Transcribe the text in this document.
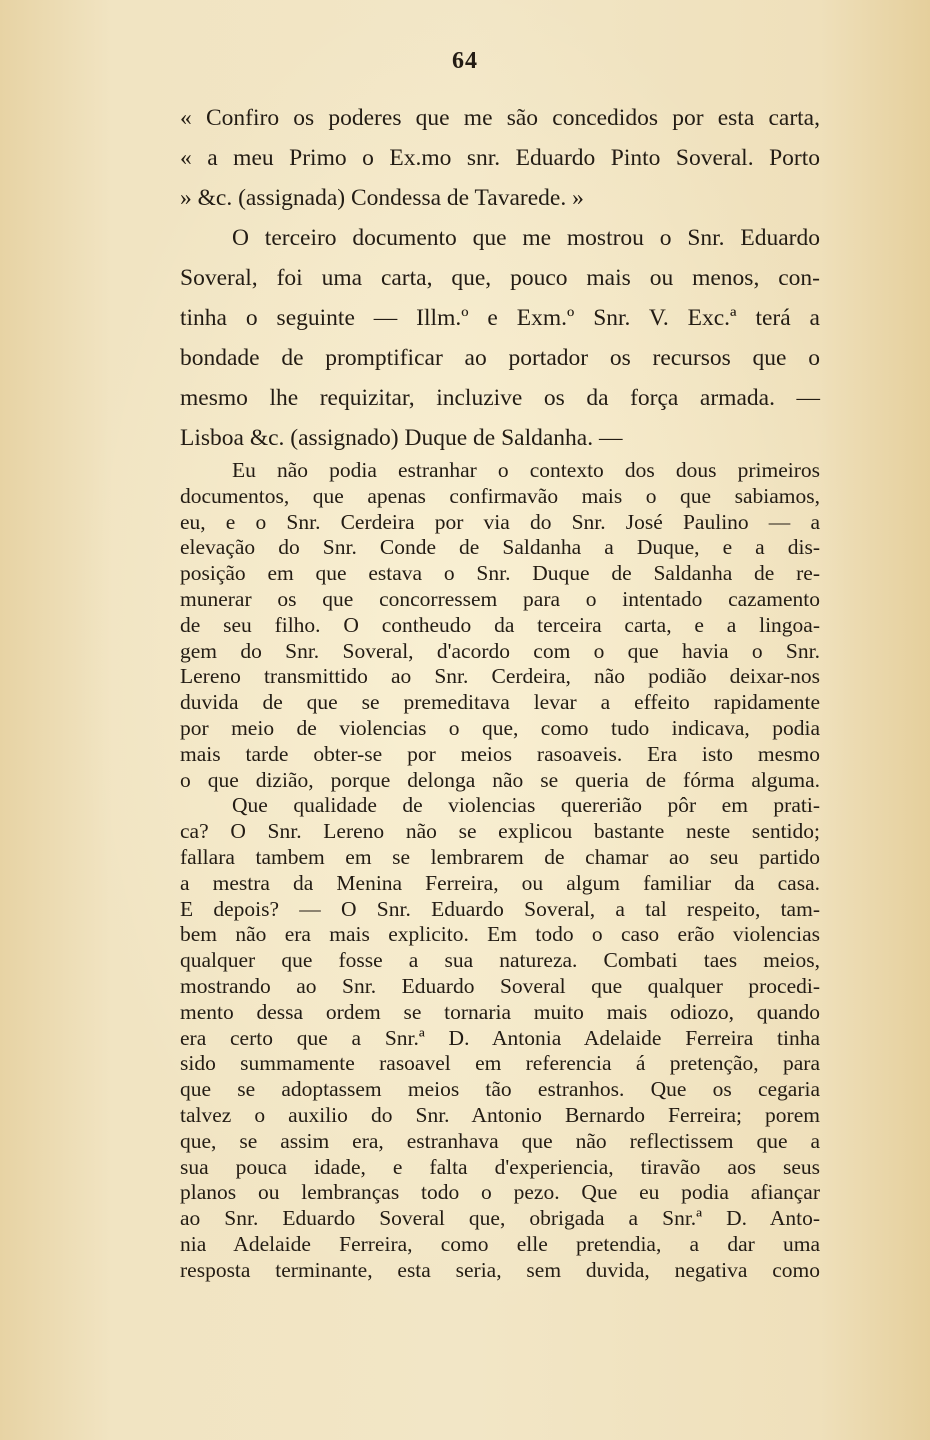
64
« Confiro os poderes que me são concedidos por esta carta,
« a meu Primo o Ex.mo snr. Eduardo Pinto Soveral. Porto
» &c. (assignada) Condessa de Tavarede. »
O terceiro documento que me mostrou o Snr. Eduardo
Soveral, foi uma carta, que, pouco mais ou menos, con-
tinha o seguinte — Illm.º e Exm.º Snr. V. Exc.ª terá a
bondade de promptificar ao portador os recursos que o
mesmo lhe requizitar, incluzive os da força armada. —
Lisboa &c. (assignado) Duque de Saldanha. —
Eu não podia estranhar o contexto dos dous primeiros
documentos, que apenas confirmavão mais o que sabiamos,
eu, e o Snr. Cerdeira por via do Snr. José Paulino — a
elevação do Snr. Conde de Saldanha a Duque, e a dis-
posição em que estava o Snr. Duque de Saldanha de re-
munerar os que concorressem para o intentado cazamento
de seu filho. O contheudo da terceira carta, e a lingoa-
gem do Snr. Soveral, d'acordo com o que havia o Snr.
Lereno transmittido ao Snr. Cerdeira, não podião deixar-nos
duvida de que se premeditava levar a effeito rapidamente
por meio de violencias o que, como tudo indicava, podia
mais tarde obter-se por meios rasoaveis. Era isto mesmo
o que dizião, porque delonga não se queria de fórma alguma.
Que qualidade de violencias quererião pôr em prati-
ca? O Snr. Lereno não se explicou bastante neste sentido;
fallara tambem em se lembrarem de chamar ao seu partido
a mestra da Menina Ferreira, ou algum familiar da casa.
E depois? — O Snr. Eduardo Soveral, a tal respeito, tam-
bem não era mais explicito. Em todo o caso erão violencias
qualquer que fosse a sua natureza. Combati taes meios,
mostrando ao Snr. Eduardo Soveral que qualquer procedi-
mento dessa ordem se tornaria muito mais odiozo, quando
era certo que a Snr.ª D. Antonia Adelaide Ferreira tinha
sido summamente rasoavel em referencia á pretenção, para
que se adoptassem meios tão estranhos. Que os cegaria
talvez o auxilio do Snr. Antonio Bernardo Ferreira; porem
que, se assim era, estranhava que não reflectissem que a
sua pouca idade, e falta d'experiencia, tiravão aos seus
planos ou lembranças todo o pezo. Que eu podia afiançar
ao Snr. Eduardo Soveral que, obrigada a Snr.ª D. Anto-
nia Adelaide Ferreira, como elle pretendia, a dar uma
resposta terminante, esta seria, sem duvida, negativa como
